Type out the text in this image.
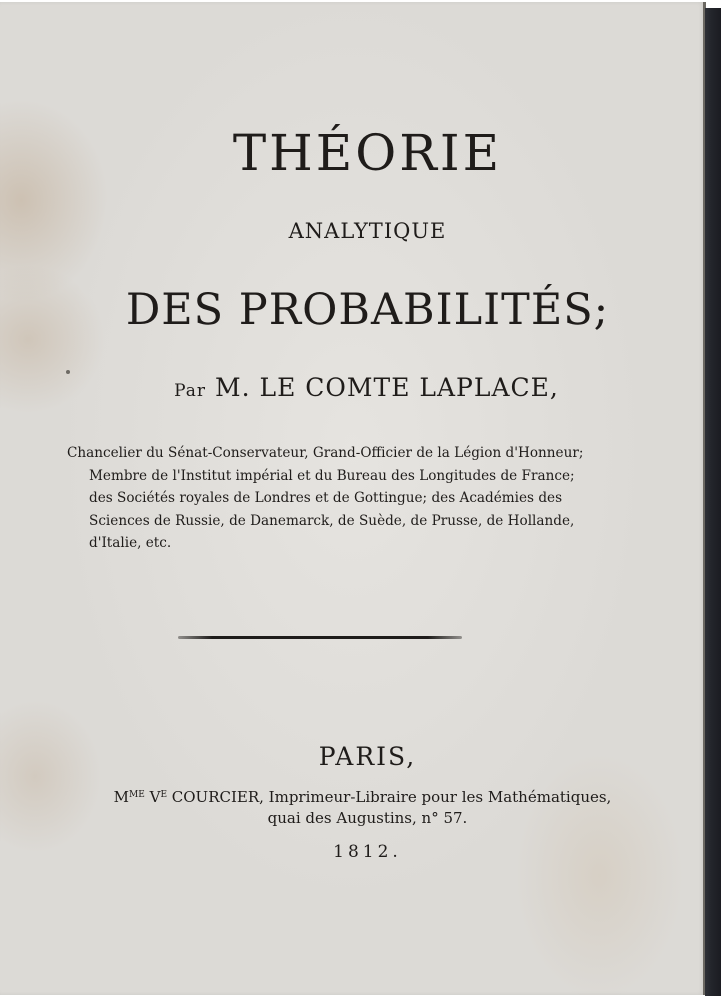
THÉORIE
ANALYTIQUE
DES PROBABILITÉS;
Par M. LE COMTE LAPLACE,
Chancelier du Sénat-Conservateur, Grand-Officier de la Légion d'Honneur;
Membre de l'Institut impérial et du Bureau des Longitudes de France;
des Sociétés royales de Londres et de Gottingue; des Académies des
Sciences de Russie, de Danemarck, de Suède, de Prusse, de Hollande,
d'Italie, etc.
PARIS,
$M^{ME}$ $V^E$ COURCIER, Imprimeur-Libraire pour les Mathématiques,
quai des Augustins, n° 57.
1812.
